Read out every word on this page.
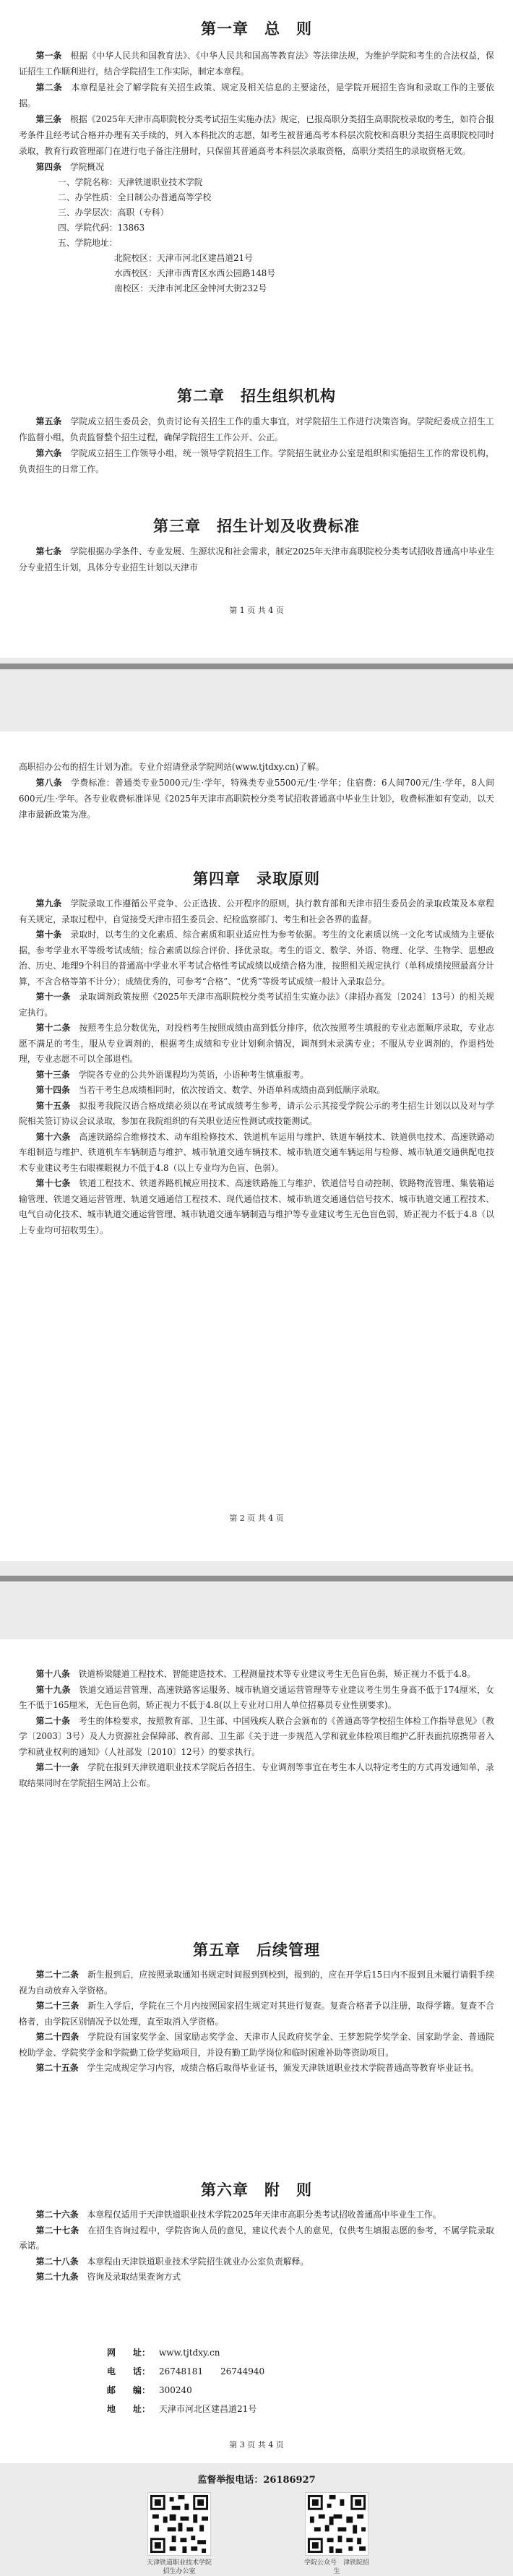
第一章　总　则

第一条　 根据《中华人民共和国教育法》、《中华人民共和国高等教育法》等法律法规，为维护学院和考生的合法权益，保证招生工作顺利进行，结合学院招生工作实际，制定本章程。

第二条　 本章程是社会了解学院有关招生政策、规定及相关信息的主要途径，是学院开展招生咨询和录取工作的主要依据。

第三条　 根据《2025年天津市高职院校分类考试招生实施办法》规定，已报高职分类招生高职院校录取的考生，如符合报考条件且经考试合格并办理有关手续的，列入本科批次的志愿，如考生被普通高考本科层次院校和高职分类招生高职院校同时录取，教育行政管理部门在进行电子备注注册时，只保留其普通高考本科层次录取资格，高职分类招生的录取资格无效。

第四条　 学院概况

一、学院名称：天津铁道职业技术学院

二、办学性质：全日制公办普通高等学校

三、办学层次：高职（专科）

四、学院代码：13863

五、学院地址：

北院校区：天津市河北区建昌道21号

水西校区：天津市西青区水西公园路148号

南校区：天津市河北区金钟河大街232号

第二章　招生组织机构

第五条　 学院成立招生委员会，负责讨论有关招生工作的重大事宜，对学院招生工作进行决策咨询。学院纪委成立招生工作监督小组，负责监督整个招生过程，确保学院招生工作公开、公正。

第六条　 学院成立招生工作领导小组，统一领导学院招生工作。学院招生就业办公室是组织和实施招生工作的常设机构，负责招生的日常工作。

第三章　招生计划及收费标准

第七条　 学院根据办学条件、专业发展、生源状况和社会需求，制定2025年天津市高职院校分类考试招收普通高中毕业生分专业招生计划，具体分专业招生计划以天津市

第 1 页 共 4 页

高职招办公布的招生计划为准。专业介绍请登录学院网站(www.tjtdxy.cn)了解。

第八条　 学费标准：普通类专业5000元/生·学年，特殊类专业5500元/生·学年；住宿费：6人间700元/生·学年，8人间600元/生·学年。各专业收费标准详见《2025年天津市高职院校分类考试招收普通高中毕业生计划》，收费标准如有变动，以天津市最新政策为准。

第四章　录取原则

第九条　 学院录取工作遵循公平竞争、公正选拔、公开程序的原则，执行教育部和天津市招生委员会的录取政策及本章程有关规定，录取过程中，自觉接受天津市招生委员会、纪检监察部门、考生和社会各界的监督。

第十条　 录取时，以考生的文化素质、综合素质和职业适应性为参考依据。考生的文化素质以统一文化考试成绩为主要依据，参考学业水平等级考试成绩；综合素质以综合评价、择优录取。考生的语文、数学、外语、物理、化学、生物学、思想政治、历史、地理9个科目的普通高中学业水平考试合格性考试成绩以成绩合格为准，按照相关规定执行（单科成绩按照最高分计算，不含合格等第不计分）；成绩优秀的，可参考“合格”、“优秀”等级考试成绩一般计入录取总分。

第十一条　 录取调剂政策按照《2025年天津市高职院校分类考试招生实施办法》（津招办高发〔2024〕13号）的相关规定执行。

第十二条　 按照考生总分数优先，对投档考生按照成绩由高到低分排序，依次按照考生填报的专业志愿顺序录取，专业志愿不满足的考生，服从专业调剂的，根据考生成绩和专业计划剩余情况，调剂到未录满专业；不服从专业调剂的，作退档处理，专业志愿不可以全部退档。

第十三条　 学院各专业的公共外语课程均为英语，小语种考生慎重报考。

第十四条　 当若干考生总成绩相同时，依次按语文、数学、外语单科成绩由高到低顺序录取。

第十五条　 拟报考我院汉语合格成绩必须以在考试成绩考生参考，请示公示其接受学院公示的考生招生计划以以及对与学院相关签订协议会议录取，参加在我院组织的有关职业适应性测试或技能测试。

第十六条　 高速铁路综合维修技术、动车组检修技术、铁道机车运用与维护、铁道车辆技术、铁道供电技术、高速铁路动车组制造与维护、铁道机车车辆制造与维护、城市轨道交通车辆技术、城市轨道交通车辆运用与检修、城市轨道交通供配电技术专业建议考生右眼裸眼视力不低于4.8（以上专业均为色盲、色弱）。

第十七条　 铁道工程技术、铁道养路机械应用技术、高速铁路施工与维护、铁道信号自动控制、铁路物流管理、集装箱运输管理、铁道交通运营管理、轨道交通通信工程技术、现代通信技术、城市轨道交通通信信号技术、城市轨道交通工程技术、电气自动化技术、城市轨道交通运营管理、城市轨道交通车辆制造与维护等专业建议考生无色盲色弱，矫正视力不低于4.8（以上专业均可招收男生）。

第 2 页 共 4 页

第十八条　 铁道桥梁隧道工程技术、智能建造技术、工程测量技术等专业建议考生无色盲色弱，矫正视力不低于4.8。

第十九条　 铁道交通运营管理、高速铁路客运服务、城市轨道交通运营管理等专业建议考生男生身高不低于174厘米，女生不低于165厘米，无色盲色弱，矫正视力不低于4.8(以上专业对口用人单位招募员专业性别要求)。

第二十条　 考生的体检要求，按照教育部、卫生部、中国残疾人联合会颁布的《普通高等学校招生体检工作指导意见》（教学〔2003〕3号）及人力资源社会保障部、教育部、卫生部《关于进一步规范入学和就业体检项目维护乙肝表面抗原携带者入学和就业权利的通知》（人社部发〔2010〕12号）的要求执行。

第二十一条　 学院在报到天津铁道职业技术学院后各招生、专业调剂等事宜在考生本人以特定考生的方式再发通知单，录取结果同时在学院招生网站上公布。

第五章　后续管理

第二十二条　 新生报到后，应按照录取通知书规定时间报到到校到，报到的，应在开学后15日内不报到且未履行请假手续视为自动放弃入学资格。

第二十三条　 新生入学后，学院在三个月内按照国家招生规定对其进行复查。复查合格者予以注册，取得学籍。复查不合格者，由学院区别情况予以处理，直至取消入学资格。

第二十四条　 学院设有国家奖学金、国家励志奖学金、天津市人民政府奖学金、王梦恕院学奖学金、国家助学金、普通院校助学金、学院奖学金和学院勤工俭学奖励项目，并设有勤工助学岗位和临时困难补助等资助项目。

第二十五条　 学生完成规定学习内容，成绩合格后取得毕业证书，颁发天津铁道职业技术学院普通高等教育毕业证书。

第六章　附　则

第二十六条　 本章程仅适用于天津铁道职业技术学院2025年天津市高职分类考试招收普通高中毕业生工作。

第二十七条　 在招生咨询过程中，学院咨询人员的意见，建议代表个人的意见，仅供考生填报志愿的参考，不属学院录取承诺。

第二十八条　 本章程由天津铁道职业技术学院招生就业办公室负责解释。

第二十九条　 咨询及录取结果查询方式

网　　址： www.tjtdxy.cn

电　　话： 26748181　　26744940

邮　　编： 300240

地　　址： 天津市河北区建昌道21号

第 3 页 共 4 页

监督举报电话：26186927

天津铁道职业技术学院招生办公室
学院公众号　津铁院招生
